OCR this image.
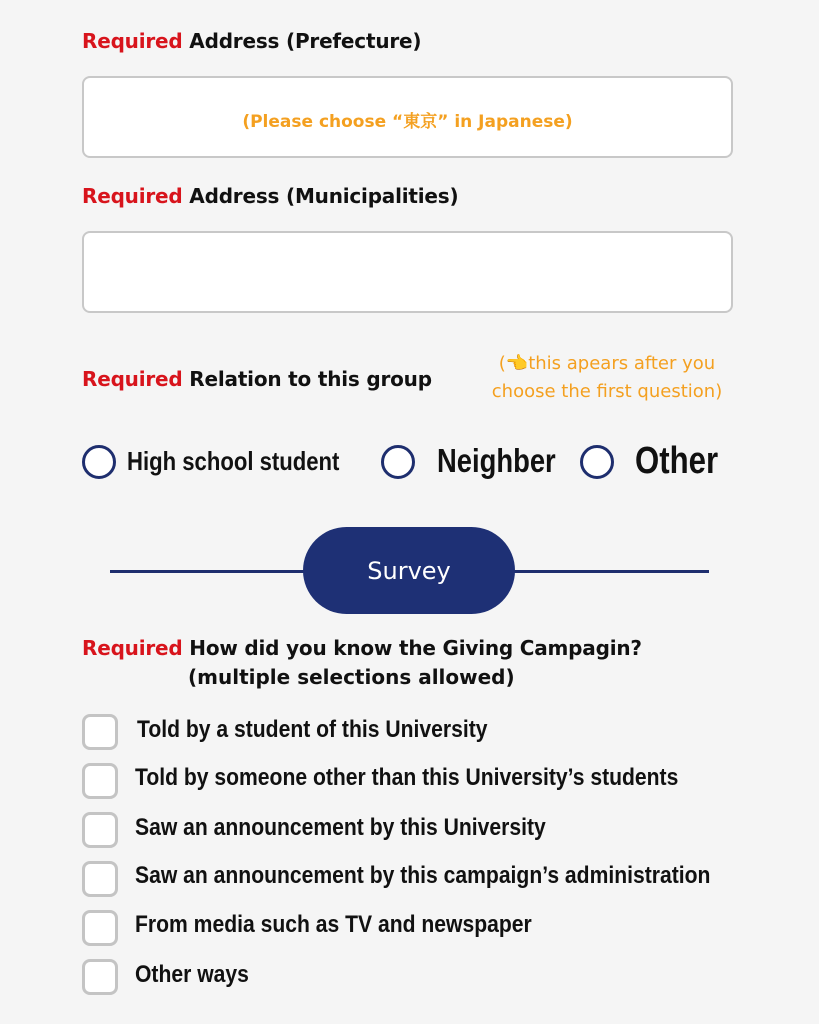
Required Address (Prefecture)
(Please choose “東京” in Japanese)
Required Address (Municipalities)
Required Relation to this group
(👈this apears after you
choose the first question)
High school student	Neighber Other
Survey
Required How did you know the Giving Campagin?
(multiple selections allowed)
Told by a student of this University
Told by someone other than this University’s students
Saw an announcement by this University
Saw an announcement by this campaign’s administration
From media such as TV and newspaper
Other ways
